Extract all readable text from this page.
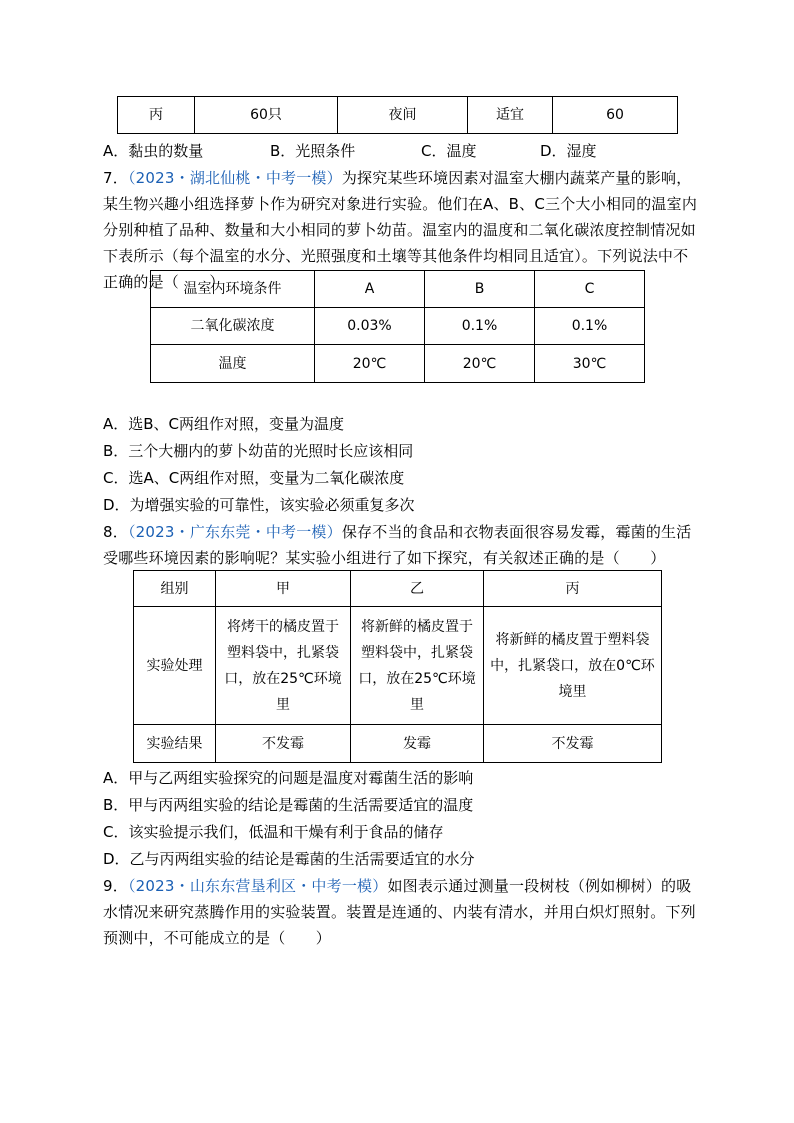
丙	60只	夜间	适宜	60
A．黏虫的数量	B．光照条件	C．温度	D．湿度
7．（2023・湖北仙桃・中考一模）为探究某些环境因素对温室大棚内蔬菜产量的影响，某生物兴趣小组选择萝卜作为研究对象进行实验。他们在A、B、C三个大小相同的温室内分别种植了品种、数量和大小相同的萝卜幼苗。温室内的温度和二氧化碳浓度控制情况如下表所示（每个温室的水分、光照强度和土壤等其他条件均相同且适宜）。下列说法中不正确的是（　　）
温室内环境条件	A	B	C
二氧化碳浓度	0.03%	0.1%	0.1%
温度	20℃	20℃	30℃
A．选B、C两组作对照，变量为温度
B．三个大棚内的萝卜幼苗的光照时长应该相同
C．选A、C两组作对照，变量为二氧化碳浓度
D．为增强实验的可靠性，该实验必须重复多次
8．（2023・广东东莞・中考一模）保存不当的食品和衣物表面很容易发霉，霉菌的生活受哪些环境因素的影响呢？某实验小组进行了如下探究，有关叙述正确的是（　　）
组别	甲	乙	丙
实验处理	将烤干的橘皮置于塑料袋中，扎紧袋口，放在25℃环境里	将新鲜的橘皮置于塑料袋中，扎紧袋口，放在25℃环境里	将新鲜的橘皮置于塑料袋中，扎紧袋口，放在0℃环境里
实验结果	不发霉	发霉	不发霉
A．甲与乙两组实验探究的问题是温度对霉菌生活的影响
B．甲与丙两组实验的结论是霉菌的生活需要适宜的温度
C．该实验提示我们，低温和干燥有利于食品的储存
D．乙与丙两组实验的结论是霉菌的生活需要适宜的水分
9．（2023・山东东营垦利区・中考一模）如图表示通过测量一段树枝（例如柳树）的吸水情况来研究蒸腾作用的实验装置。装置是连通的、内装有清水，并用白炽灯照射。下列预测中，不可能成立的是（　　）
